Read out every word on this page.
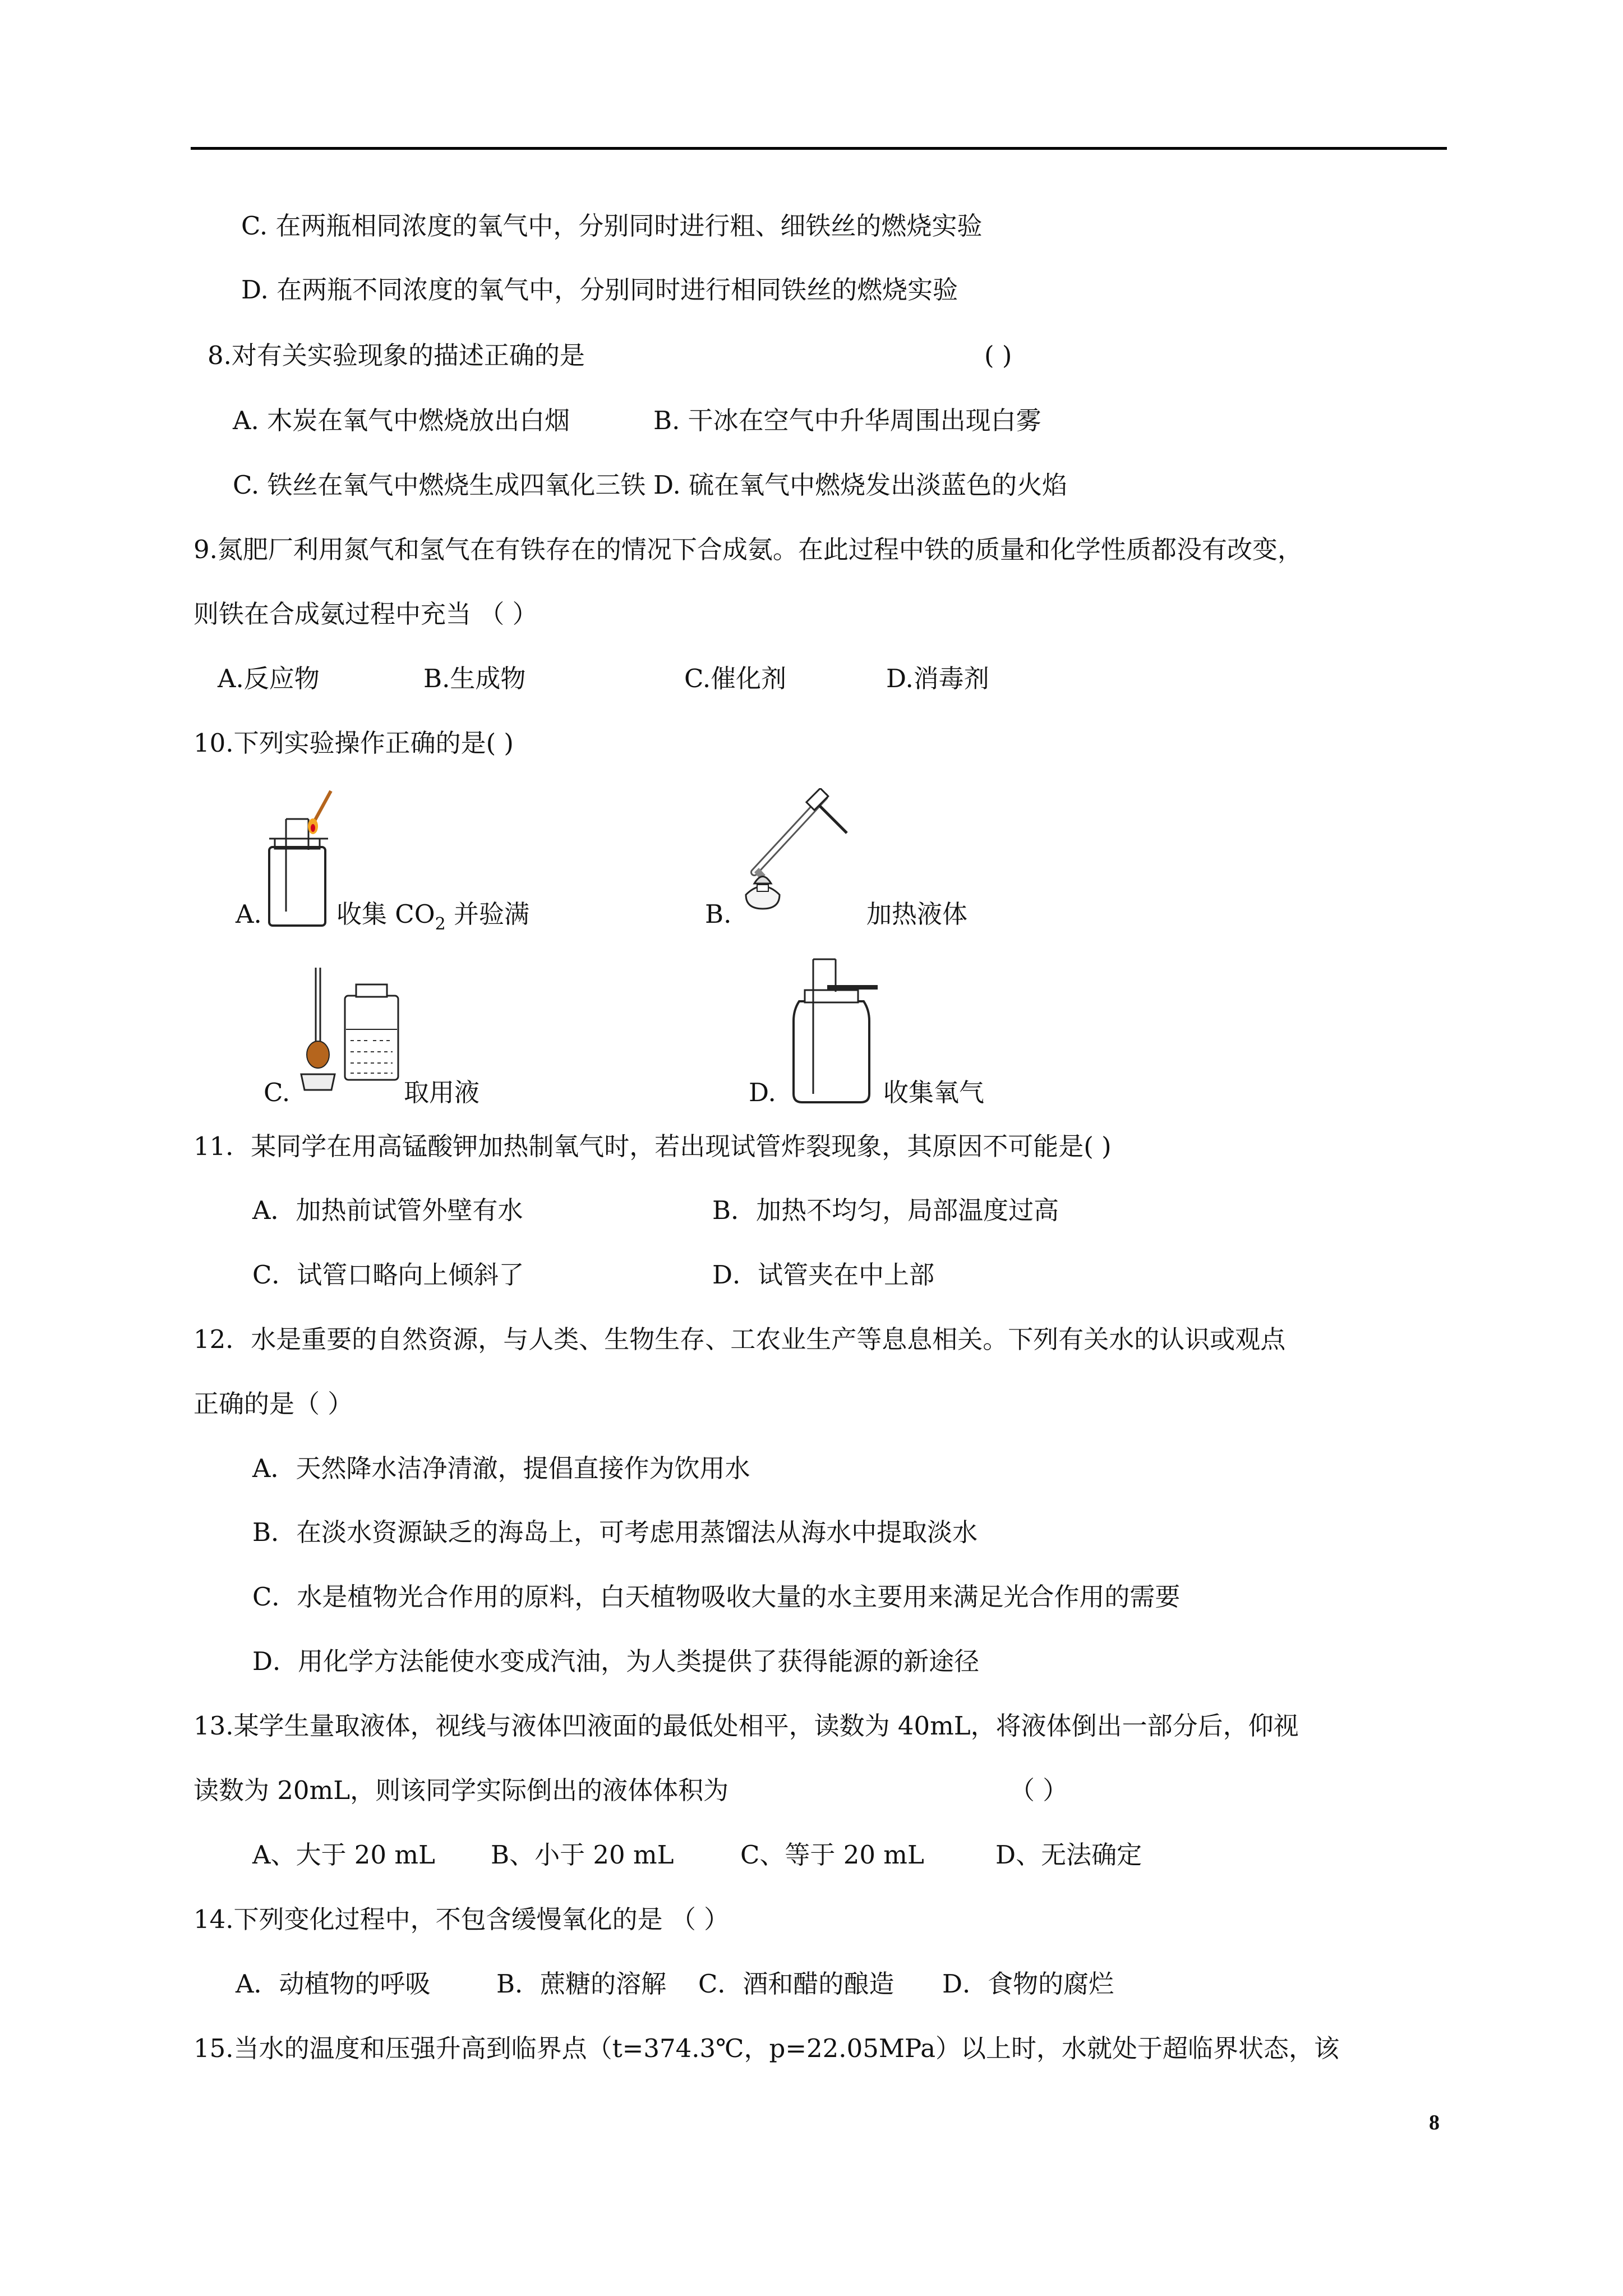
C. 在两瓶相同浓度的氧气中，分别同时进行粗、细铁丝的燃烧实验
D. 在两瓶不同浓度的氧气中，分别同时进行相同铁丝的燃烧实验
8.对有关实验现象的描述正确的是	( )
A. 木炭在氧气中燃烧放出白烟	B. 干冰在空气中升华周围出现白雾
C. 铁丝在氧气中燃烧生成四氧化三铁 D. 硫在氧气中燃烧发出淡蓝色的火焰
9.氮肥厂利用氮气和氢气在有铁存在的情况下合成氨。在此过程中铁的质量和化学性质都没有改变，
则铁在合成氨过程中充当 （ ）
A.反应物	B.生成物	C.催化剂	D.消毒剂
10.下列实验操作正确的是( )
A.	收集 $CO_2$ 并验满	B.	加热液体
C.	取用液	D.	收集氧气
11．某同学在用高锰酸钾加热制氧气时，若出现试管炸裂现象，其原因不可能是( )
A．加热前试管外壁有水	B．加热不均匀，局部温度过高
C．试管口略向上倾斜了	D．试管夹在中上部
12．水是重要的自然资源，与人类、生物生存、工农业生产等息息相关。下列有关水的认识或观点
正确的是（ ）
A．天然降水洁净清澈，提倡直接作为饮用水
B．在淡水资源缺乏的海岛上，可考虑用蒸馏法从海水中提取淡水
C．水是植物光合作用的原料，白天植物吸收大量的水主要用来满足光合作用的需要
D．用化学方法能使水变成汽油，为人类提供了获得能源的新途径
13.某学生量取液体，视线与液体凹液面的最低处相平，读数为 40mL，将液体倒出一部分后，仰视
读数为 20mL，则该同学实际倒出的液体体积为	（ ）
A、大于 20 mL B、小于 20 mL	C、等于 20 mL	D、无法确定
14.下列变化过程中，不包含缓慢氧化的是 （ ）
A．动植物的呼吸	B．蔗糖的溶解 C．酒和醋的酿造 D．食物的腐烂
15.当水的温度和压强升高到临界点（t=374.3℃，p=22.05MPa）以上时，水就处于超临界状态，该
8
